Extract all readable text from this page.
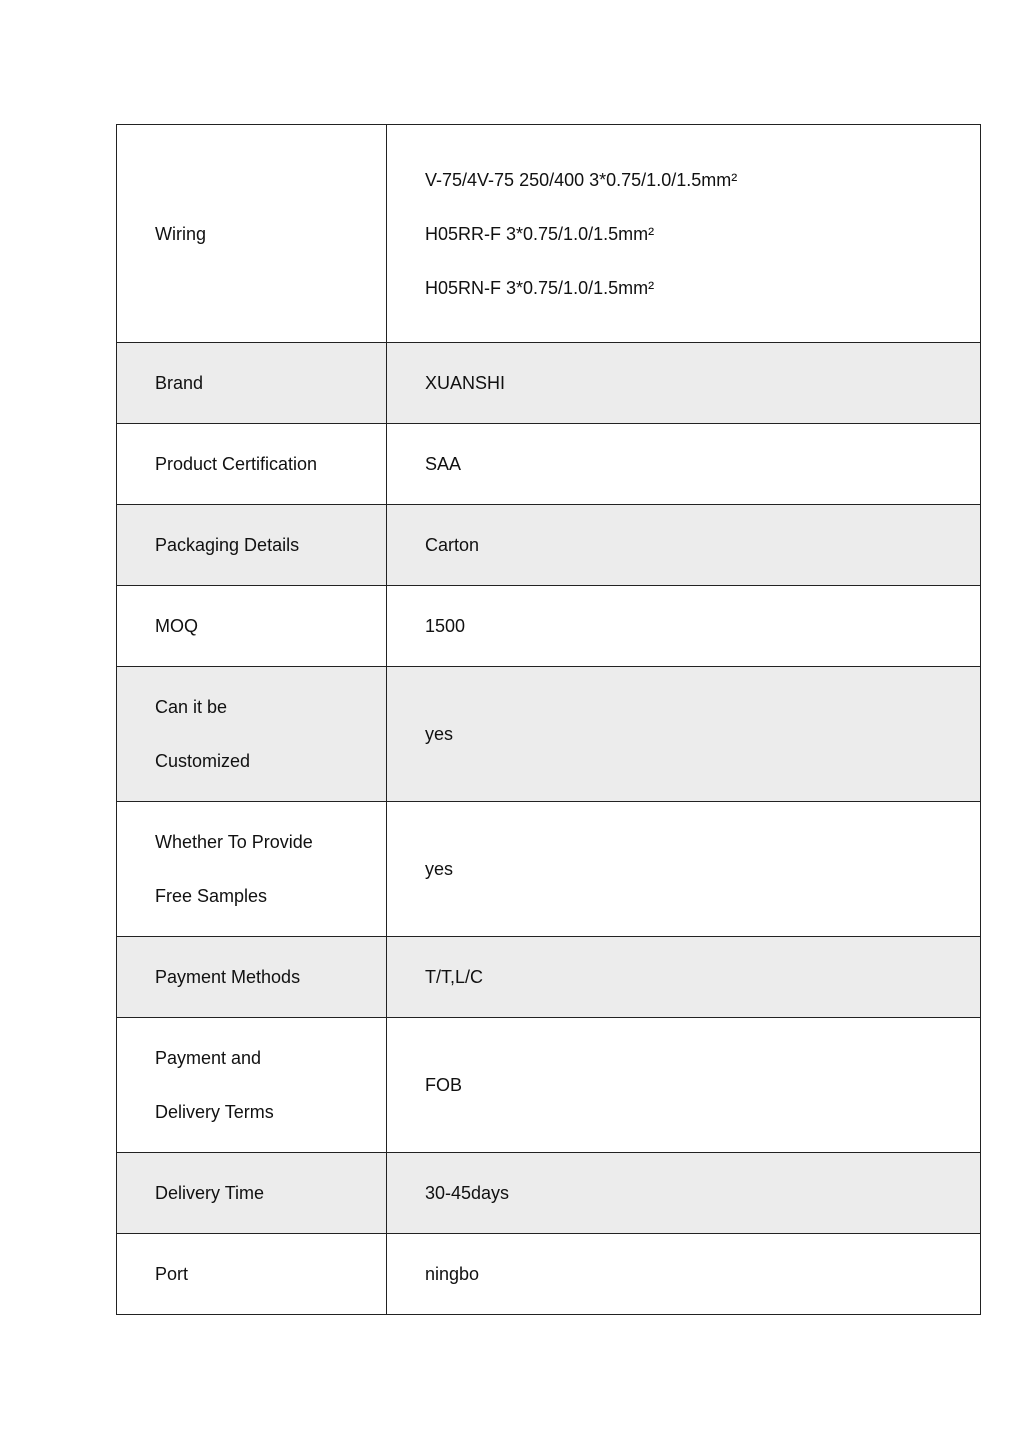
Wiring	V-75/4V-75 250/400 3*0.75/1.0/1.5mm²
H05RR-F 3*0.75/1.0/1.5mm²
H05RN-F 3*0.75/1.0/1.5mm²

Brand	XUANSHI
Product Certification	SAA
Packaging Details	Carton
MOQ	1500

Can it be
Customized	yes

Whether To Provide
Free Samples	yes
Payment Methods	T/T,L/C

Payment and
Delivery Terms	FOB
Delivery Time	30-45days
Port	ningbo
